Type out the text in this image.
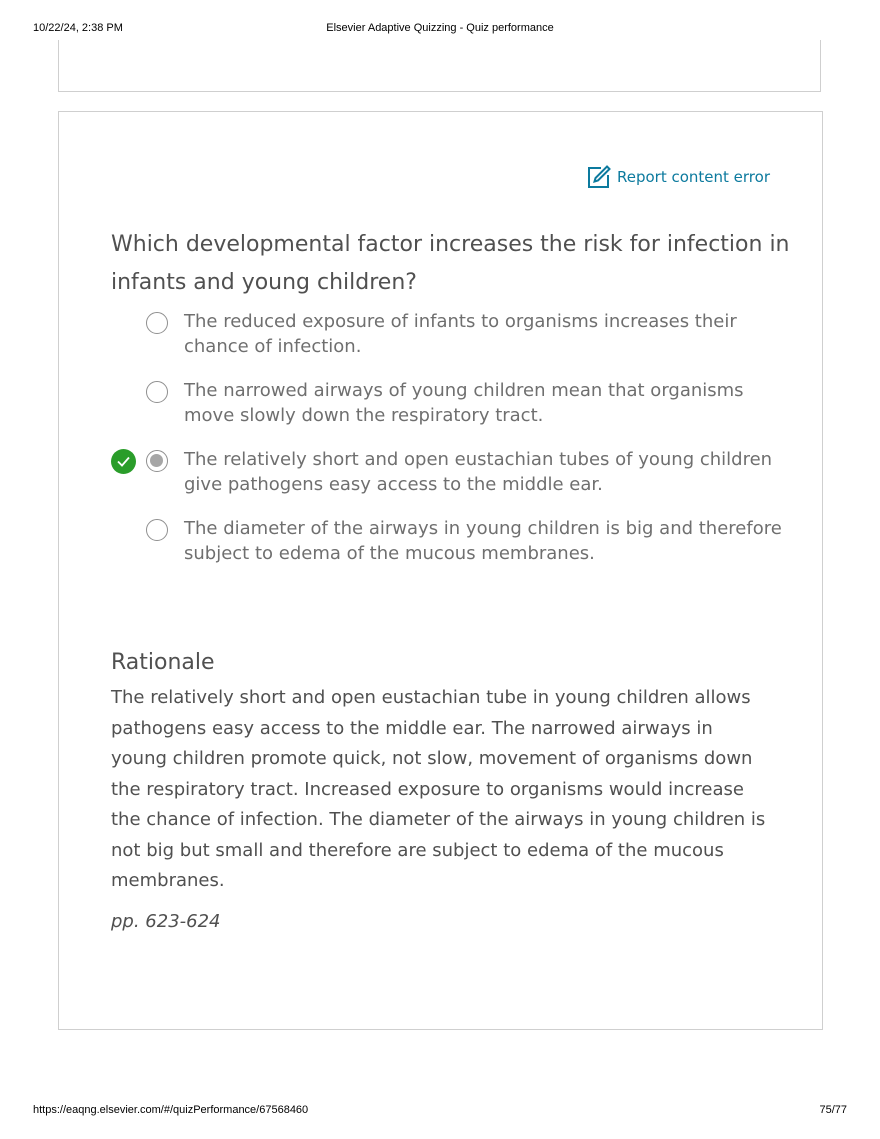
10/22/24, 2:38 PM	Elsevier Adaptive Quizzing - Quiz performance
Report content error
Which developmental factor increases the risk for infection in infants and young children?
The reduced exposure of infants to organisms increases their chance of infection.
The narrowed airways of young children mean that organisms move slowly down the respiratory tract.
The relatively short and open eustachian tubes of young children give pathogens easy access to the middle ear.
The diameter of the airways in young children is big and therefore subject to edema of the mucous membranes.
Rationale
The relatively short and open eustachian tube in young children allows pathogens easy access to the middle ear. The narrowed airways in young children promote quick, not slow, movement of organisms down the respiratory tract. Increased exposure to organisms would increase the chance of infection. The diameter of the airways in young children is not big but small and therefore are subject to edema of the mucous membranes.
pp. 623-624
https://eaqng.elsevier.com/#/quizPerformance/67568460	75/77
